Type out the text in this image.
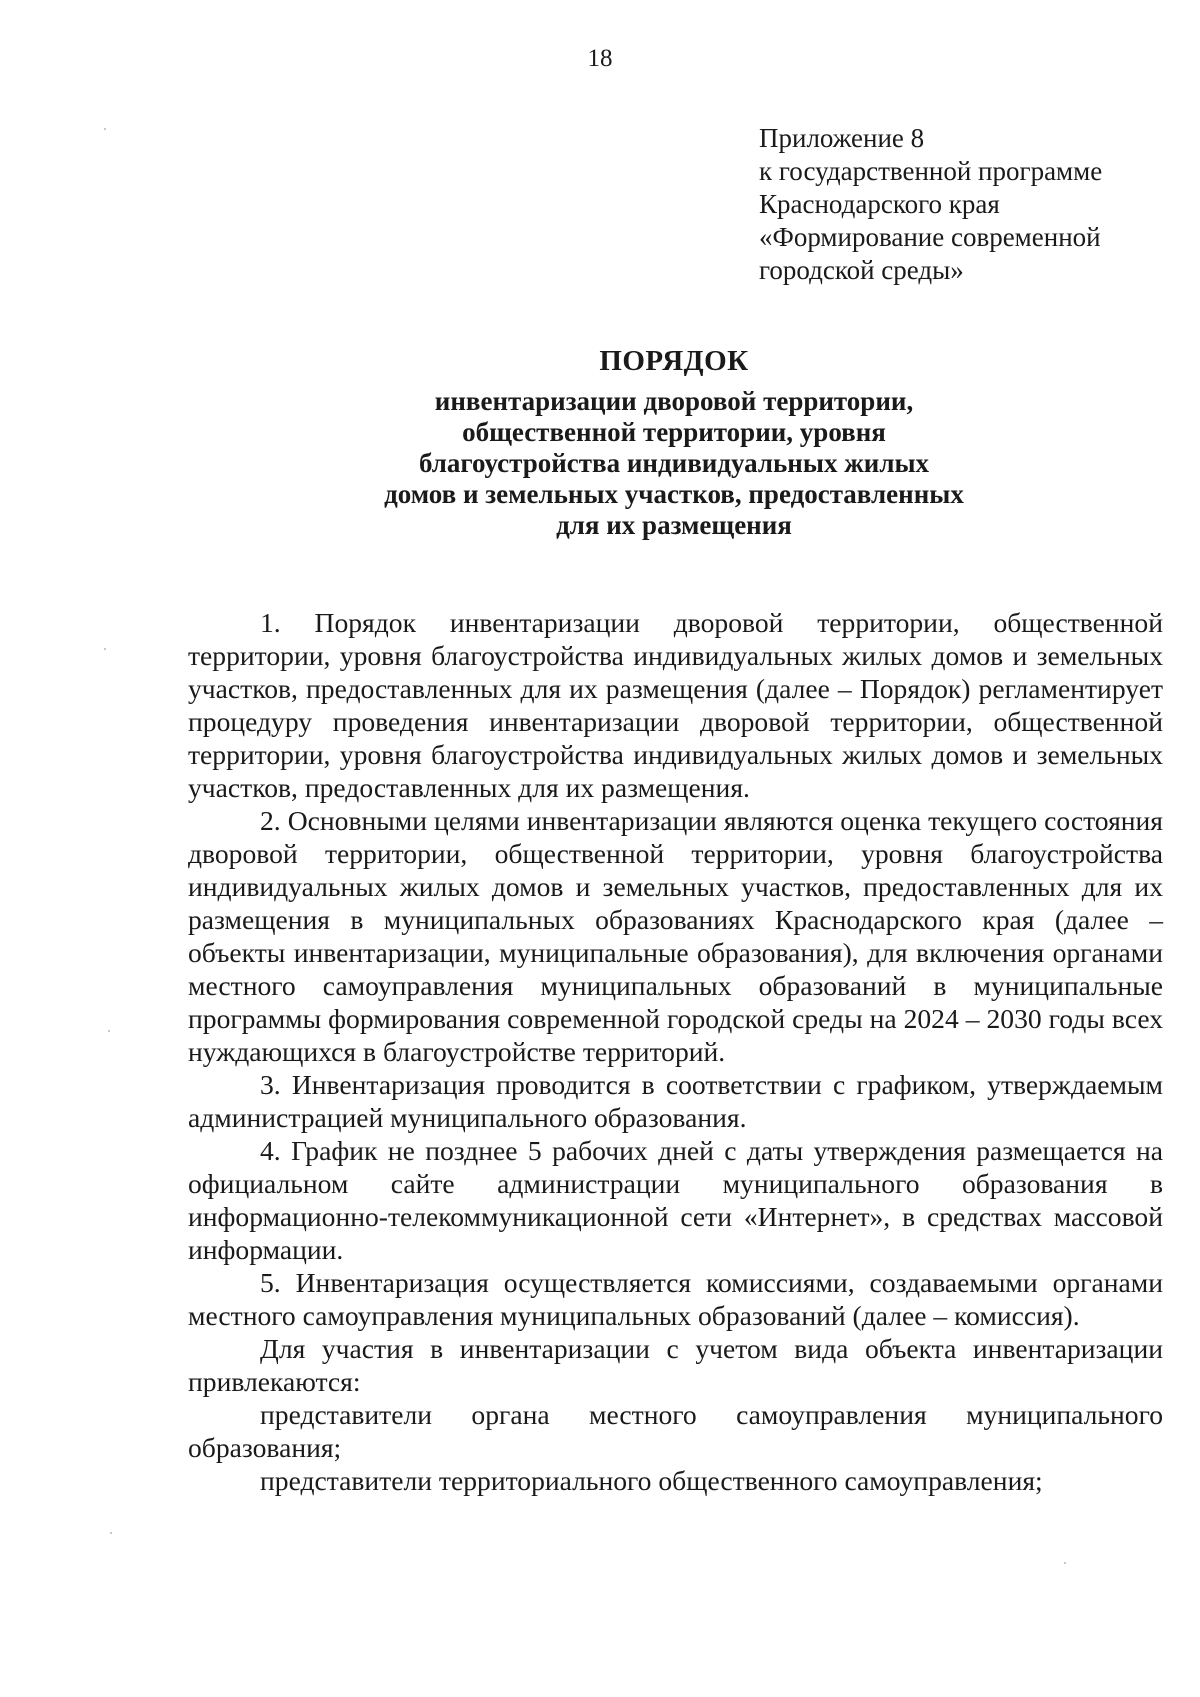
18
Приложение 8
к государственной программе
Краснодарского края
«Формирование современной
городской среды»
ПОРЯДОК
инвентаризации дворовой территории,
общественной территории, уровня
благоустройства индивидуальных жилых
домов и земельных участков, предоставленных
для их размещения

1. Порядок инвентаризации дворовой территории, общественной территории, уровня благоустройства индивидуальных жилых домов и земельных участков, предоставленных для их размещения (далее – Порядок) регламентирует процедуру проведения инвентаризации дворовой территории, общественной территории, уровня благоустройства индивидуальных жилых домов и земельных участков, предоставленных для их размещения.

2. Основными целями инвентаризации являются оценка текущего состояния дворовой территории, общественной территории, уровня благоустройства индивидуальных жилых домов и земельных участков, предоставленных для их размещения в муниципальных образованиях Краснодарского края (далее – объекты инвентаризации, муниципальные образования), для включения органами местного самоуправления муниципальных образований в муниципальные программы формирования современной городской среды на 2024 – 2030 годы всех нуждающихся в благоустройстве территорий.

3. Инвентаризация проводится в соответствии с графиком, утверждаемым администрацией муниципального образования.

4. График не позднее 5 рабочих дней с даты утверждения размещается на официальном сайте администрации муниципального образования в информационно-телекоммуникационной сети «Интернет», в средствах массовой информации.

5. Инвентаризация осуществляется комиссиями, создаваемыми органами местного самоуправления муниципальных образований (далее – комиссия).

Для участия в инвентаризации с учетом вида объекта инвентаризации привлекаются:

представители органа местного самоуправления муниципального образования;

представители территориального общественного самоуправления;
